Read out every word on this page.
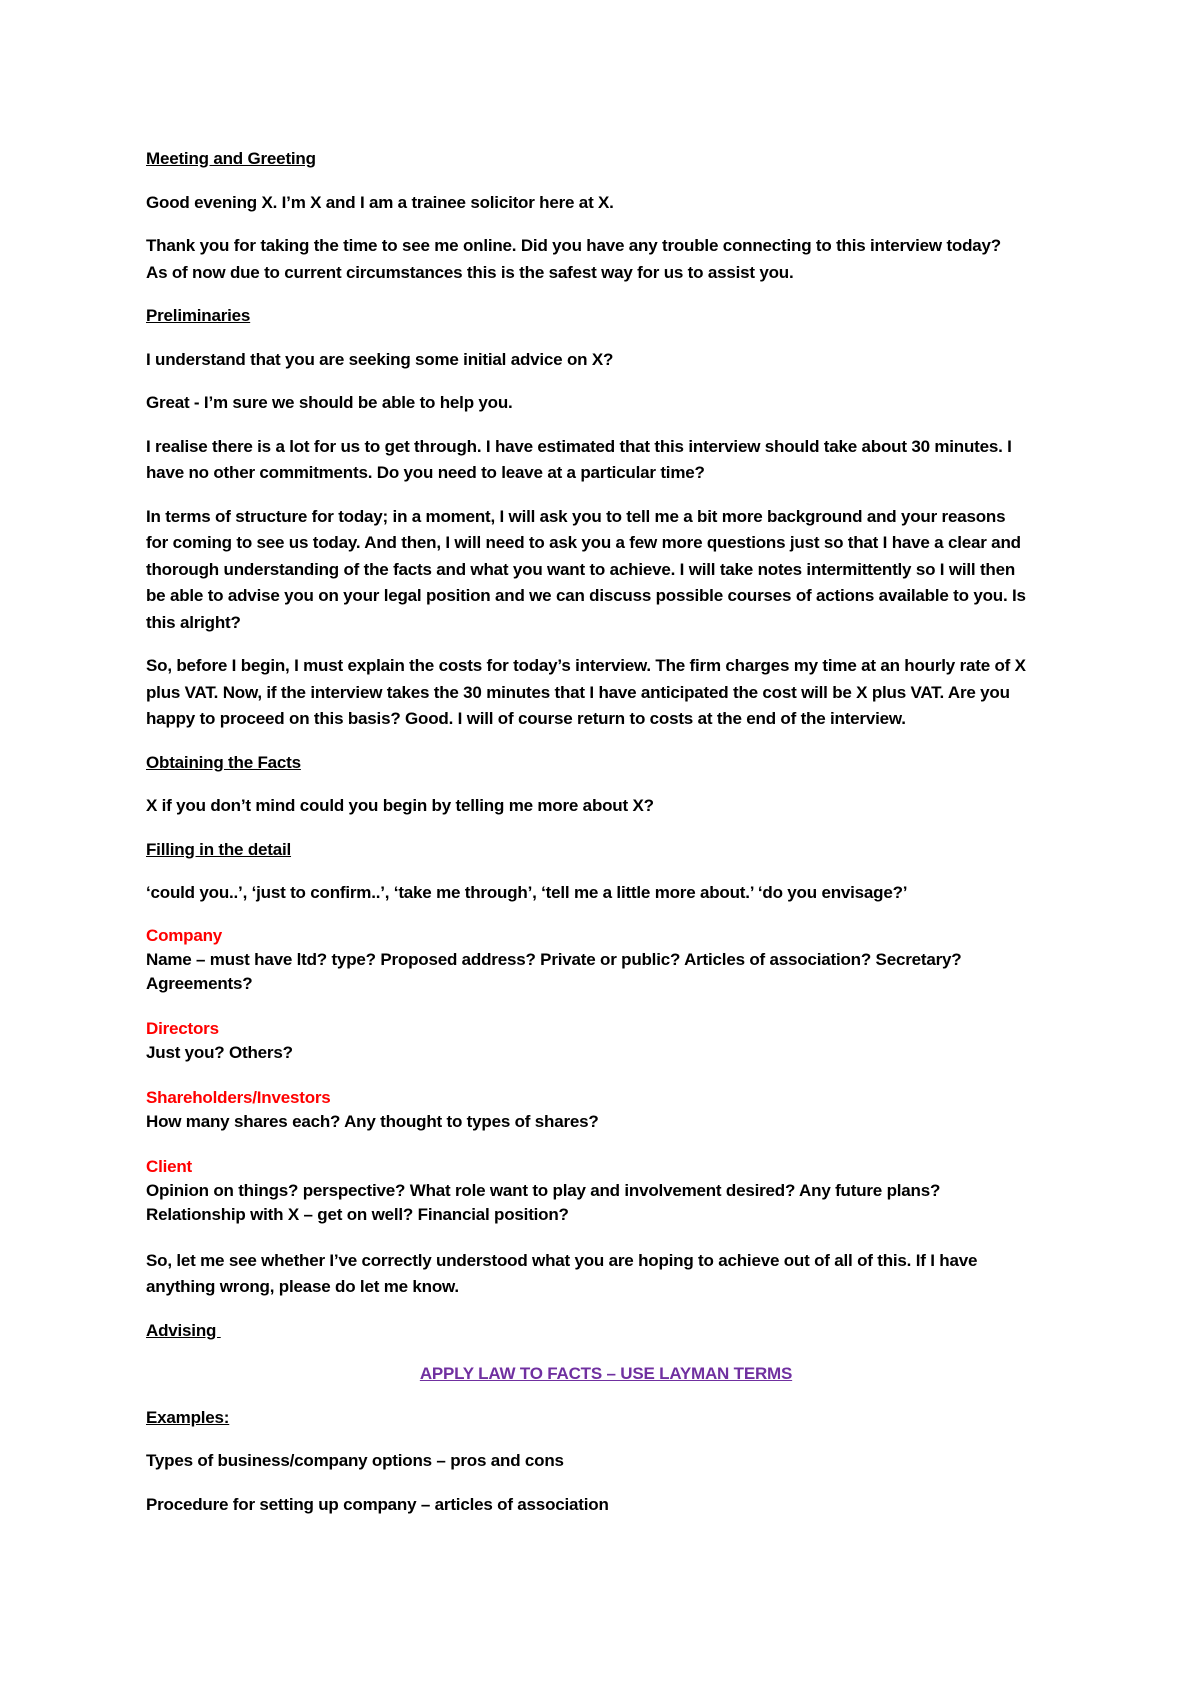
Meeting and Greeting

Good evening X. I’m X and I am a trainee solicitor here at X.

Thank you for taking the time to see me online. Did you have any trouble connecting to this interview today?

As of now due to current circumstances this is the safest way for us to assist you.

Preliminaries

I understand that you are seeking some initial advice on X?

Great - I’m sure we should be able to help you.

I realise there is a lot for us to get through. I have estimated that this interview should take about 30 minutes. I

have no other commitments. Do you need to leave at a particular time?

In terms of structure for today; in a moment, I will ask you to tell me a bit more background and your reasons

for coming to see us today. And then, I will need to ask you a few more questions just so that I have a clear and

thorough understanding of the facts and what you want to achieve. I will take notes intermittently so I will then

be able to advise you on your legal position and we can discuss possible courses of actions available to you. Is

this alright?

So, before I begin, I must explain the costs for today’s interview. The firm charges my time at an hourly rate of X

plus VAT. Now, if the interview takes the 30 minutes that I have anticipated the cost will be X plus VAT. Are you

happy to proceed on this basis? Good. I will of course return to costs at the end of the interview.

Obtaining the Facts

X if you don’t mind could you begin by telling me more about X?

Filling in the detail

‘could you..’, ‘just to confirm..’, ‘take me through’, ‘tell me a little more about.’ ‘do you envisage?’

Company

Name – must have ltd? type? Proposed address? Private or public? Articles of association? Secretary?

Agreements?

Directors

Just you? Others?

Shareholders/Investors

How many shares each? Any thought to types of shares?

Client

Opinion on things? perspective? What role want to play and involvement desired? Any future plans?

Relationship with X – get on well? Financial position?

So, let me see whether I’ve correctly understood what you are hoping to achieve out of all of this. If I have

anything wrong, please do let me know.

Advising

APPLY LAW TO FACTS – USE LAYMAN TERMS

Examples:

Types of business/company options – pros and cons

Procedure for setting up company – articles of association
